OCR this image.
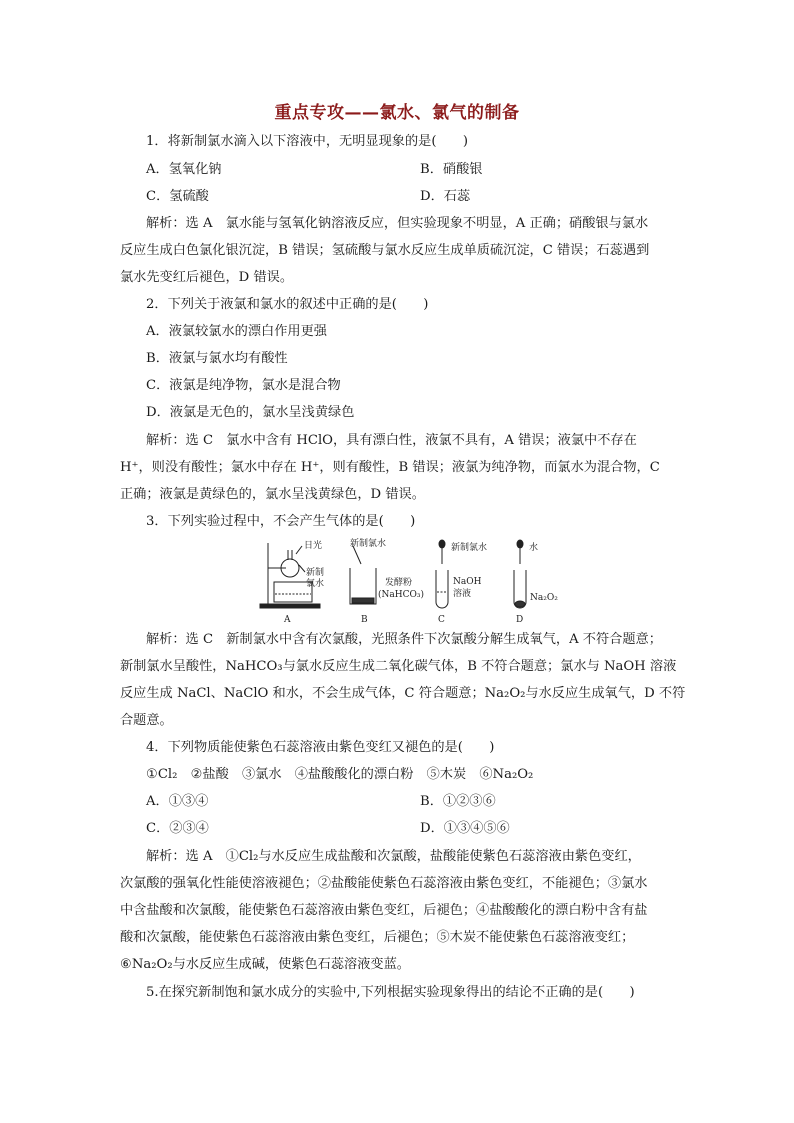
重点专攻——氯水、氯气的制备
1．将新制氯水滴入以下溶液中，无明显现象的是(　　)
A．氢氧化钠	B．硝酸银
C．氢硫酸	D．石蕊
解析：选 A　氯水能与氢氧化钠溶液反应，但实验现象不明显，A 正确；硝酸银与氯水
反应生成白色氯化银沉淀，B 错误；氢硫酸与氯水反应生成单质硫沉淀，C 错误；石蕊遇到
氯水先变红后褪色，D 错误。
2．下列关于液氯和氯水的叙述中正确的是(　　)
A．液氯较氯水的漂白作用更强
B．液氯与氯水均有酸性
C．液氯是纯净物，氯水是混合物
D．液氯是无色的，氯水呈浅黄绿色
解析：选 C　氯水中含有 HClO，具有漂白性，液氯不具有，A 错误；液氯中不存在
H⁺，则没有酸性；氯水中存在 H⁺，则有酸性，B 错误；液氯为纯净物，而氯水为混合物，C
正确；液氯是黄绿色的，氯水呈浅黄绿色，D 错误。
3．下列实验过程中，不会产生气体的是(　　)
日光
新制
氯水
A
新制氯水
发酵粉
(NaHCO₃)
B
新制氯水
NaOH
溶液
C
水
Na₂O₂
D
解析：选 C　新制氯水中含有次氯酸，光照条件下次氯酸分解生成氧气，A 不符合题意；
新制氯水呈酸性，NaHCO₃与氯水反应生成二氧化碳气体，B 不符合题意；氯水与 NaOH 溶液
反应生成 NaCl、NaClO 和水，不会生成气体，C 符合题意；Na₂O₂与水反应生成氧气，D 不符
合题意。
4．下列物质能使紫色石蕊溶液由紫色变红又褪色的是(　　)
①Cl₂　②盐酸　③氯水　④盐酸酸化的漂白粉　⑤木炭　⑥Na₂O₂
A．①③④	B．①②③⑥
C．②③④	D．①③④⑤⑥
解析：选 A　①Cl₂与水反应生成盐酸和次氯酸，盐酸能使紫色石蕊溶液由紫色变红，
次氯酸的强氧化性能使溶液褪色；②盐酸能使紫色石蕊溶液由紫色变红，不能褪色；③氯水
中含盐酸和次氯酸，能使紫色石蕊溶液由紫色变红，后褪色；④盐酸酸化的漂白粉中含有盐
酸和次氯酸，能使紫色石蕊溶液由紫色变红，后褪色；⑤木炭不能使紫色石蕊溶液变红；
⑥Na₂O₂与水反应生成碱，使紫色石蕊溶液变蓝。
5.在探究新制饱和氯水成分的实验中,下列根据实验现象得出的结论不正确的是(　　)
